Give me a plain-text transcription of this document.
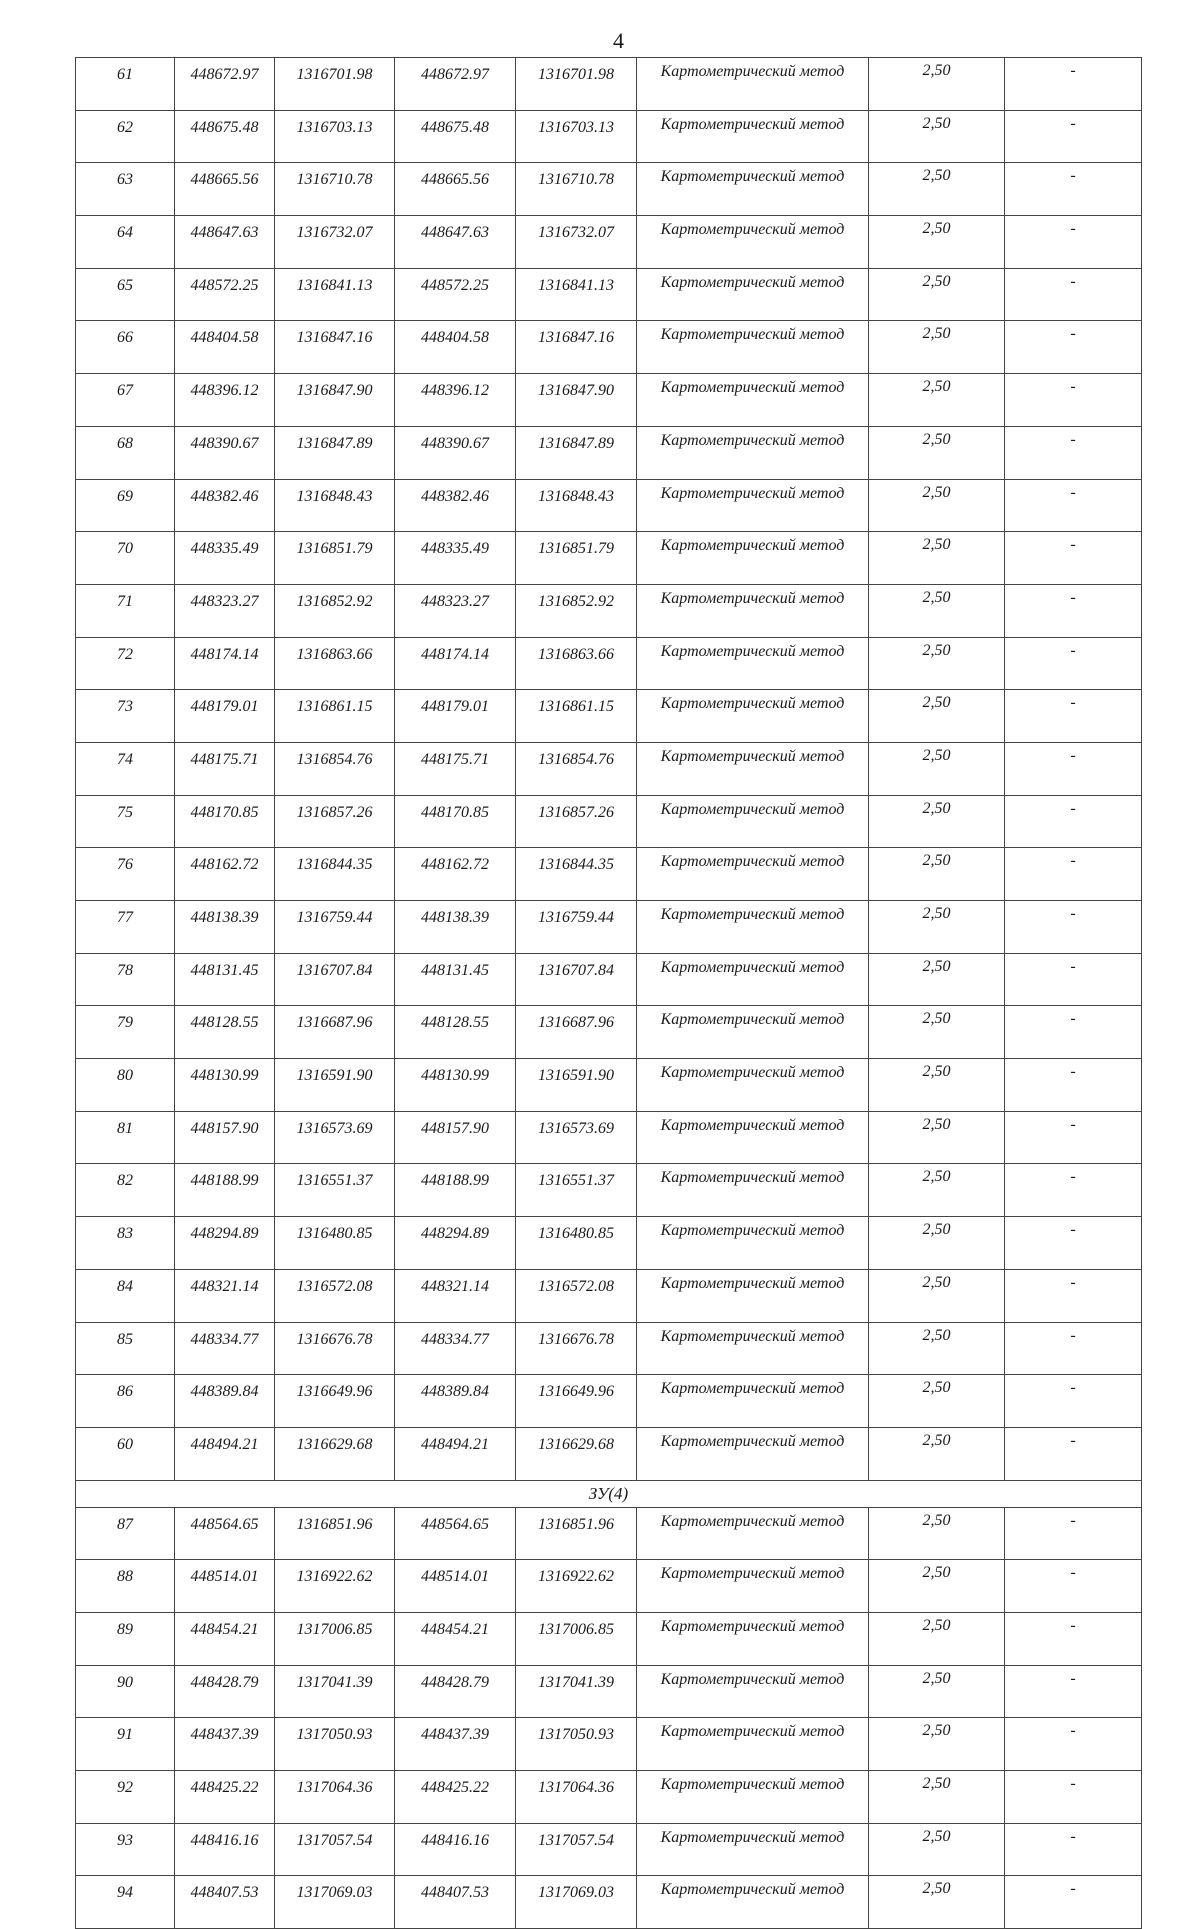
4
61	448672.97	1316701.98	448672.97	1316701.98	Картометрический метод	2,50	-
62	448675.48	1316703.13	448675.48	1316703.13	Картометрический метод	2,50	-
63	448665.56	1316710.78	448665.56	1316710.78	Картометрический метод	2,50	-
64	448647.63	1316732.07	448647.63	1316732.07	Картометрический метод	2,50	-
65	448572.25	1316841.13	448572.25	1316841.13	Картометрический метод	2,50	-
66	448404.58	1316847.16	448404.58	1316847.16	Картометрический метод	2,50	-
67	448396.12	1316847.90	448396.12	1316847.90	Картометрический метод	2,50	-
68	448390.67	1316847.89	448390.67	1316847.89	Картометрический метод	2,50	-
69	448382.46	1316848.43	448382.46	1316848.43	Картометрический метод	2,50	-
70	448335.49	1316851.79	448335.49	1316851.79	Картометрический метод	2,50	-
71	448323.27	1316852.92	448323.27	1316852.92	Картометрический метод	2,50	-
72	448174.14	1316863.66	448174.14	1316863.66	Картометрический метод	2,50	-
73	448179.01	1316861.15	448179.01	1316861.15	Картометрический метод	2,50	-
74	448175.71	1316854.76	448175.71	1316854.76	Картометрический метод	2,50	-
75	448170.85	1316857.26	448170.85	1316857.26	Картометрический метод	2,50	-
76	448162.72	1316844.35	448162.72	1316844.35	Картометрический метод	2,50	-
77	448138.39	1316759.44	448138.39	1316759.44	Картометрический метод	2,50	-
78	448131.45	1316707.84	448131.45	1316707.84	Картометрический метод	2,50	-
79	448128.55	1316687.96	448128.55	1316687.96	Картометрический метод	2,50	-
80	448130.99	1316591.90	448130.99	1316591.90	Картометрический метод	2,50	-
81	448157.90	1316573.69	448157.90	1316573.69	Картометрический метод	2,50	-
82	448188.99	1316551.37	448188.99	1316551.37	Картометрический метод	2,50	-
83	448294.89	1316480.85	448294.89	1316480.85	Картометрический метод	2,50	-
84	448321.14	1316572.08	448321.14	1316572.08	Картометрический метод	2,50	-
85	448334.77	1316676.78	448334.77	1316676.78	Картометрический метод	2,50	-
86	448389.84	1316649.96	448389.84	1316649.96	Картометрический метод	2,50	-
60	448494.21	1316629.68	448494.21	1316629.68	Картометрический метод	2,50	-
ЗУ(4)							
87	448564.65	1316851.96	448564.65	1316851.96	Картометрический метод	2,50	-
88	448514.01	1316922.62	448514.01	1316922.62	Картометрический метод	2,50	-
89	448454.21	1317006.85	448454.21	1317006.85	Картометрический метод	2,50	-
90	448428.79	1317041.39	448428.79	1317041.39	Картометрический метод	2,50	-
91	448437.39	1317050.93	448437.39	1317050.93	Картометрический метод	2,50	-
92	448425.22	1317064.36	448425.22	1317064.36	Картометрический метод	2,50	-
93	448416.16	1317057.54	448416.16	1317057.54	Картометрический метод	2,50	-
94	448407.53	1317069.03	448407.53	1317069.03	Картометрический метод	2,50	-
